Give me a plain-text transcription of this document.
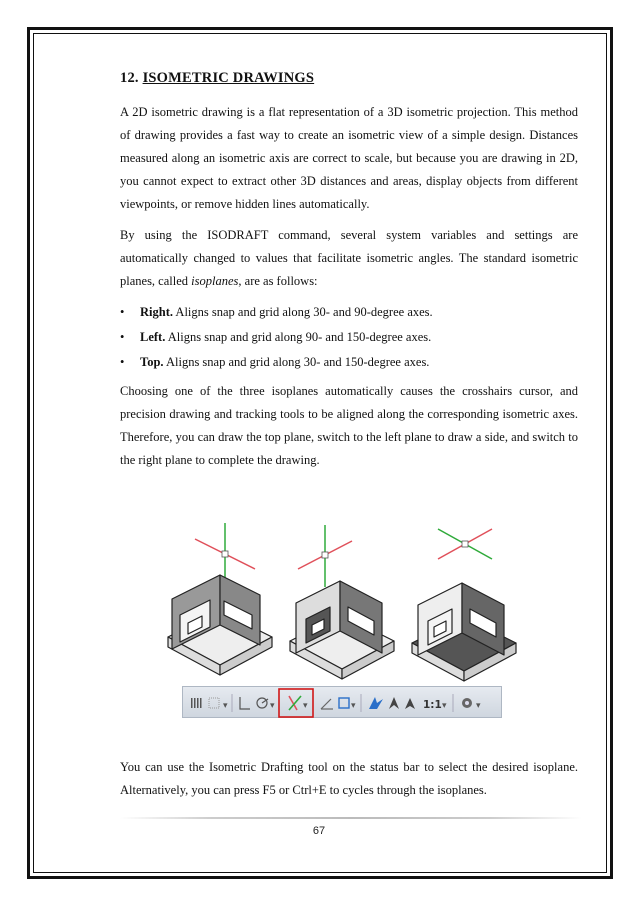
12. ISOMETRIC DRAWINGS

A 2D isometric drawing is a flat representation of a 3D isometric projection. This method of drawing provides a fast way to create an isometric view of a simple design. Distances measured along an isometric axis are correct to scale, but because you are drawing in 2D, you cannot expect to extract other 3D distances and areas, display objects from different viewpoints, or remove hidden lines automatically.

By using the ISODRAFT command, several system variables and settings are automatically changed to values that facilitate isometric angles. The standard isometric planes, called isoplanes, are as follows:

• Right. Aligns snap and grid along 30- and 90-degree axes.
• Left. Aligns snap and grid along 90- and 150-degree axes.
• Top. Aligns snap and grid along 30- and 150-degree axes.

Choosing one of the three isoplanes automatically causes the crosshairs cursor, and precision drawing and tracking tools to be aligned along the corresponding isometric axes. Therefore, you can draw the top plane, switch to the left plane to draw a side, and switch to the right plane to complete the drawing.

▾	▾	▾	▾	1:1 ▾	▾

You can use the Isometric Drafting tool on the status bar to select the desired isoplane. Alternatively, you can press F5 or Ctrl+E to cycles through the isoplanes.

67
